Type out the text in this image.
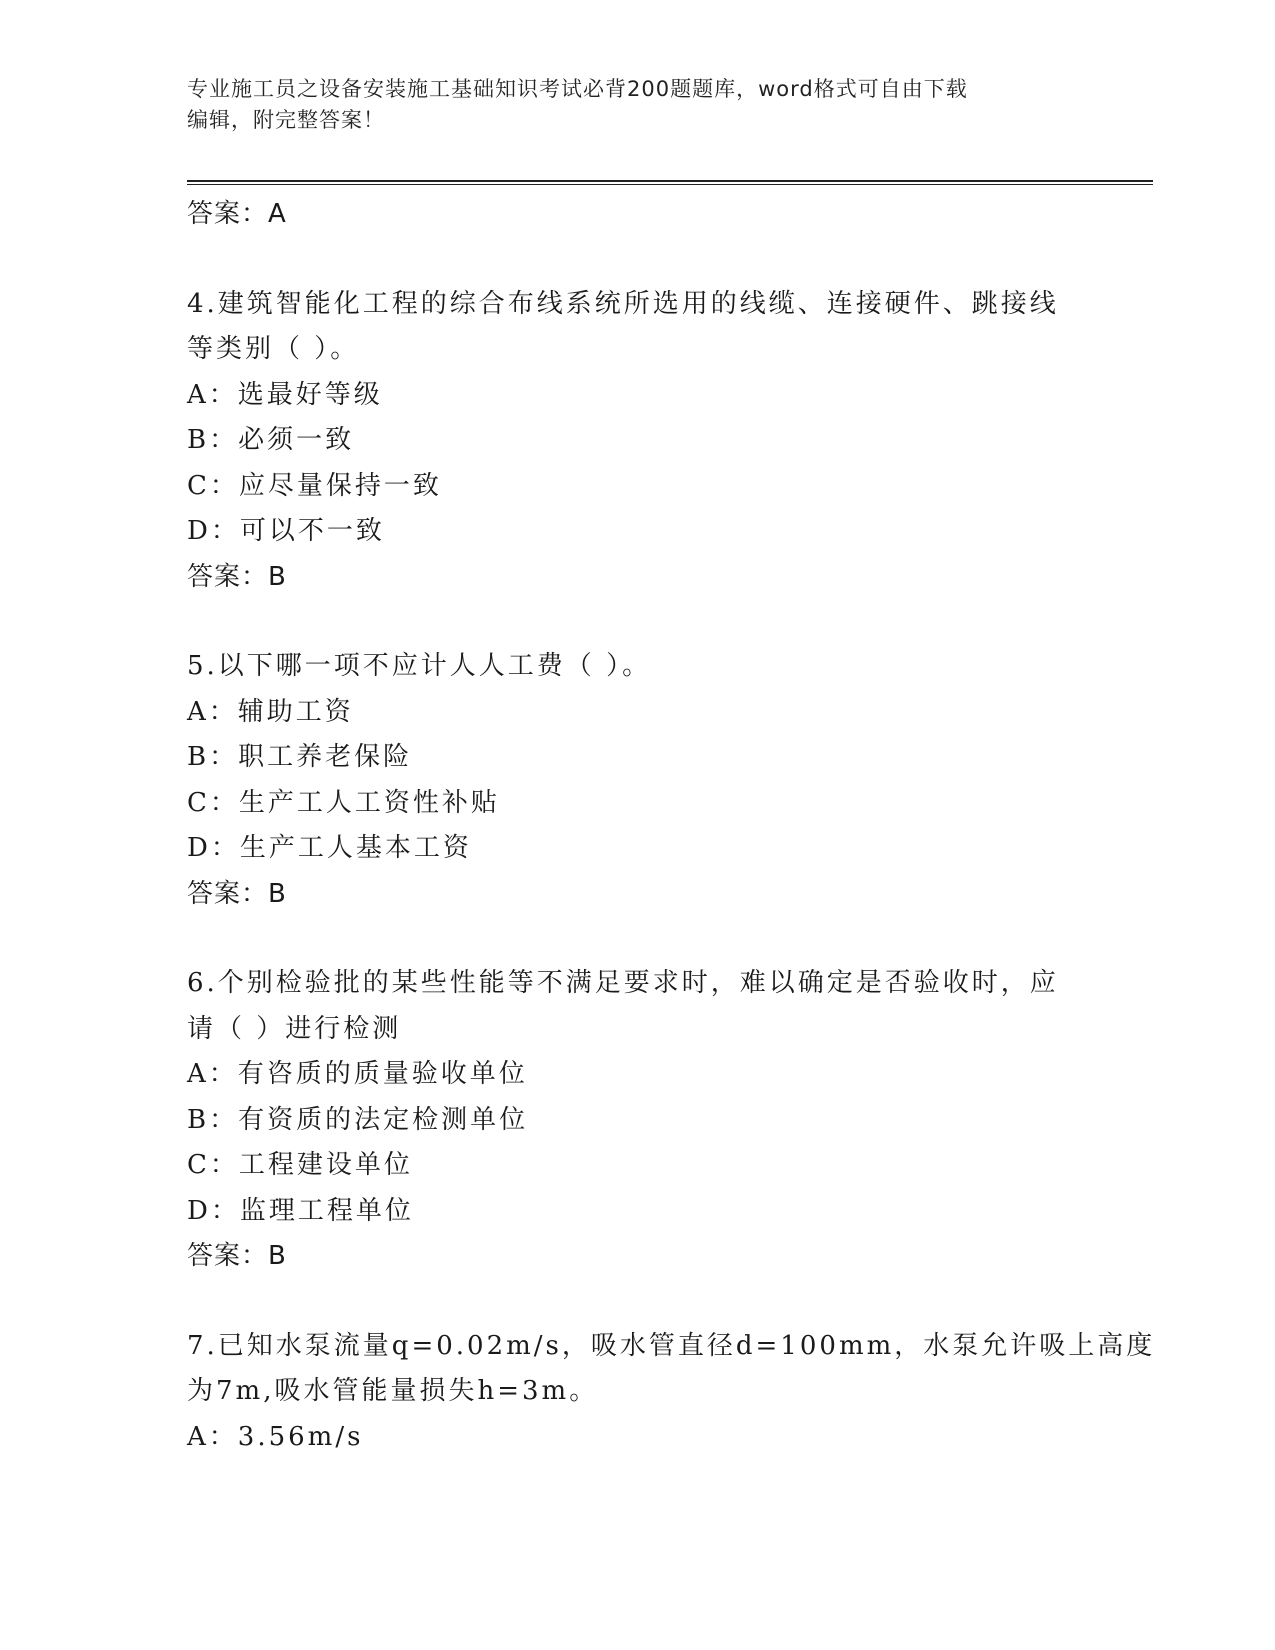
专业施工员之设备安装施工基础知识考试必背200题题库，word格式可自由下载
编辑，附完整答案！
答案：A
4.建筑智能化工程的综合布线系统所选用的线缆、连接硬件、跳接线
等类别（ ）。
A：选最好等级
B：必须一致
C：应尽量保持一致
D：可以不一致
答案：B
5.以下哪一项不应计人人工费（ ）。
A：辅助工资
B：职工养老保险
C：生产工人工资性补贴
D：生产工人基本工资
答案：B
6.个别检验批的某些性能等不满足要求时，难以确定是否验收时，应
请（ ）进行检测
A：有咨质的质量验收单位
B：有资质的法定检测单位
C：工程建设单位
D：监理工程单位
答案：B
7.已知水泵流量q=0.02m/s，吸水管直径d=100mm，水泵允许吸上高度
为7m,吸水管能量损失h=3m。
A：3.56m/s
